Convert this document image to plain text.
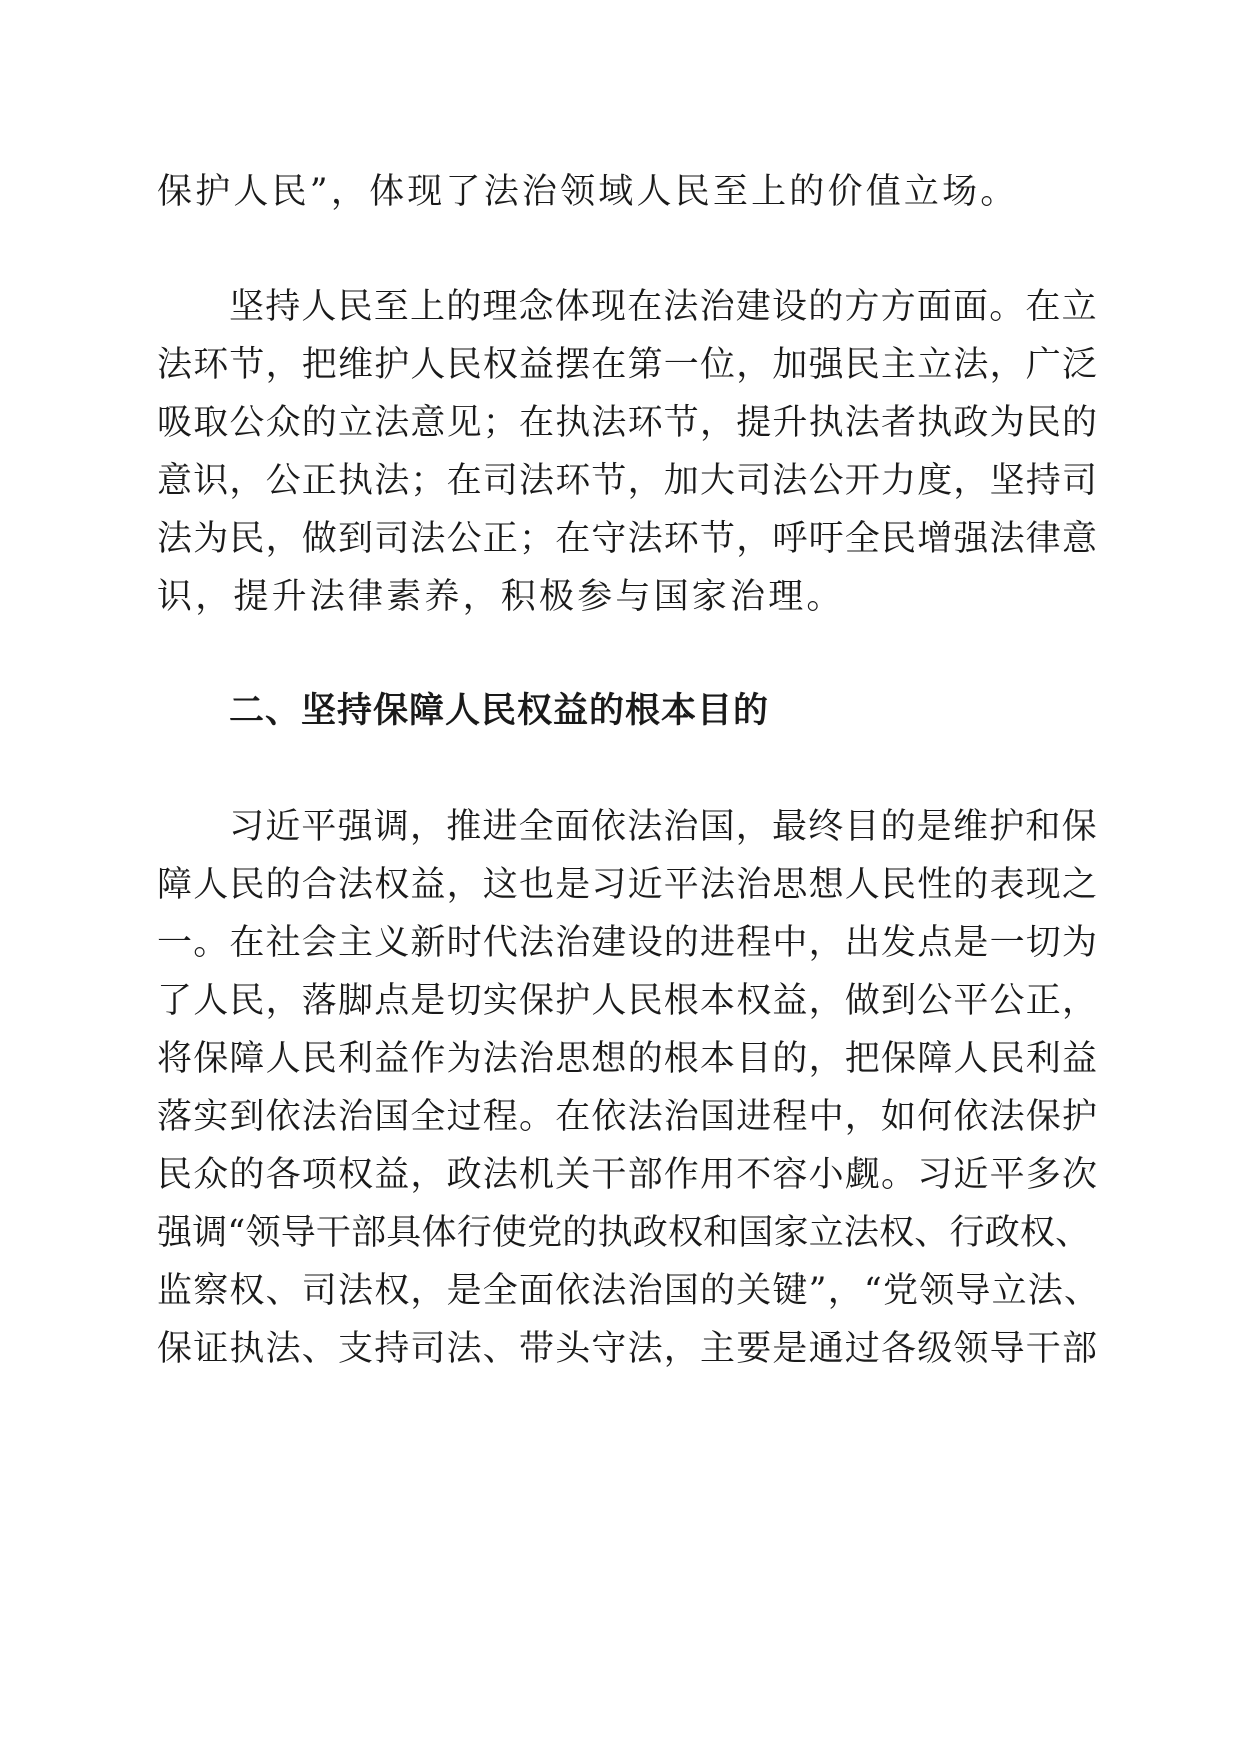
保护人民”，体现了法治领域人民至上的价值立场。
坚持人民至上的理念体现在法治建设的方方面面。在立
法环节，把维护人民权益摆在第一位，加强民主立法，广泛
吸取公众的立法意见；在执法环节，提升执法者执政为民的
意识，公正执法；在司法环节，加大司法公开力度，坚持司
法为民，做到司法公正；在守法环节，呼吁全民增强法律意
识，提升法律素养，积极参与国家治理。
二、坚持保障人民权益的根本目的
习近平强调，推进全面依法治国，最终目的是维护和保
障人民的合法权益，这也是习近平法治思想人民性的表现之
一。在社会主义新时代法治建设的进程中，出发点是一切为
了人民，落脚点是切实保护人民根本权益，做到公平公正，
将保障人民利益作为法治思想的根本目的，把保障人民利益
落实到依法治国全过程。在依法治国进程中，如何依法保护
民众的各项权益，政法机关干部作用不容小觑。习近平多次
强调“领导干部具体行使党的执政权和国家立法权、行政权、
监察权、司法权，是全面依法治国的关键”，“党领导立法、
保证执法、支持司法、带头守法，主要是通过各级领导干部
